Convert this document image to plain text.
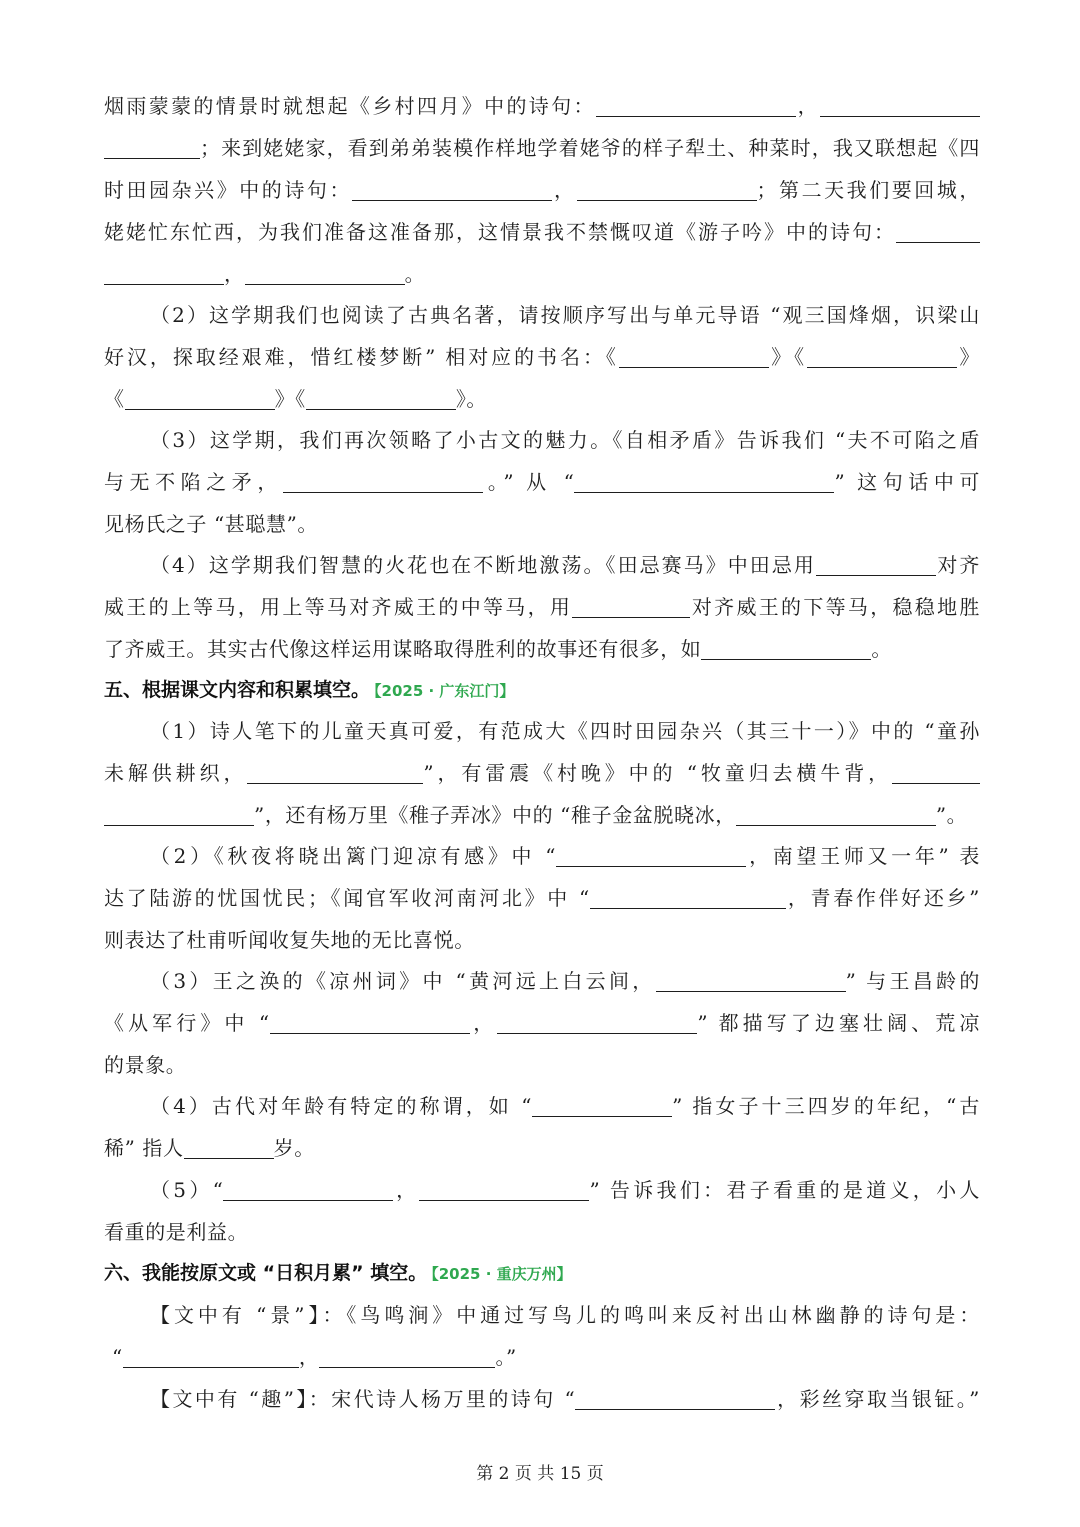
烟雨蒙蒙的情景时就想起《乡村四月》中的诗句：	，
；来到姥姥家，看到弟弟装模作样地学着姥爷的样子犁土、种菜时，我又联想起《四
时田园杂兴》中的诗句：	，	；第二天我们要回城，
姥姥忙东忙西，为我们准备这准备那，这情景我不禁慨叹道《游子吟》中的诗句：
，	。
（2）这学期我们也阅读了古典名著，请按顺序写出与单元导语 “观三国烽烟，识梁山
好汉，探取经艰难，惜红楼梦断” 相对应的书名：《	》《	》
《	》《	》。
（3）这学期，我们再次领略了小古文的魅力。《自相矛盾》告诉我们 “夫不可陷之盾
与无不陷之矛，	。” 从 “	” 这句话中可
见杨氏之子 “甚聪慧”。
（4）这学期我们智慧的火花也在不断地激荡。《田忌赛马》中田忌用	对齐
威王的上等马，用上等马对齐威王的中等马，用	对齐威王的下等马，稳稳地胜
了齐威王。其实古代像这样运用谋略取得胜利的故事还有很多，如	。
五、根据课文内容和积累填空。 【2025 · 广东江门】
（1）诗人笔下的儿童天真可爱，有范成大《四时田园杂兴（其三十一）》中的 “童孙
未解供耕织，	”，有雷震《村晚》中的 “牧童归去横牛背，
”，还有杨万里《稚子弄冰》中的 “稚子金盆脱晓冰，	”。
（2）《秋夜将晓出篱门迎凉有感》中 “	，南望王师又一年” 表
达了陆游的忧国忧民；《闻官军收河南河北》中 “	，青春作伴好还乡”
则表达了杜甫听闻收复失地的无比喜悦。
（3）王之涣的《凉州词》中 “黄河远上白云间，	” 与王昌龄的
《从军行》中 “	，	” 都描写了边塞壮阔、荒凉
的景象。
（4）古代对年龄有特定的称谓，如 “	” 指女子十三四岁的年纪，“古
稀” 指人	岁。
（5）“	，	” 告诉我们：君子看重的是道义，小人
看重的是利益。
六、我能按原文或 “日积月累” 填空。 【2025 · 重庆万州】
【文中有 “景”】：《鸟鸣涧》中通过写鸟儿的鸣叫来反衬出山林幽静的诗句是：
“	，	。”
【文中有 “趣”】：宋代诗人杨万里的诗句 “	，彩丝穿取当银钲。”
第 2 页 共 15 页
